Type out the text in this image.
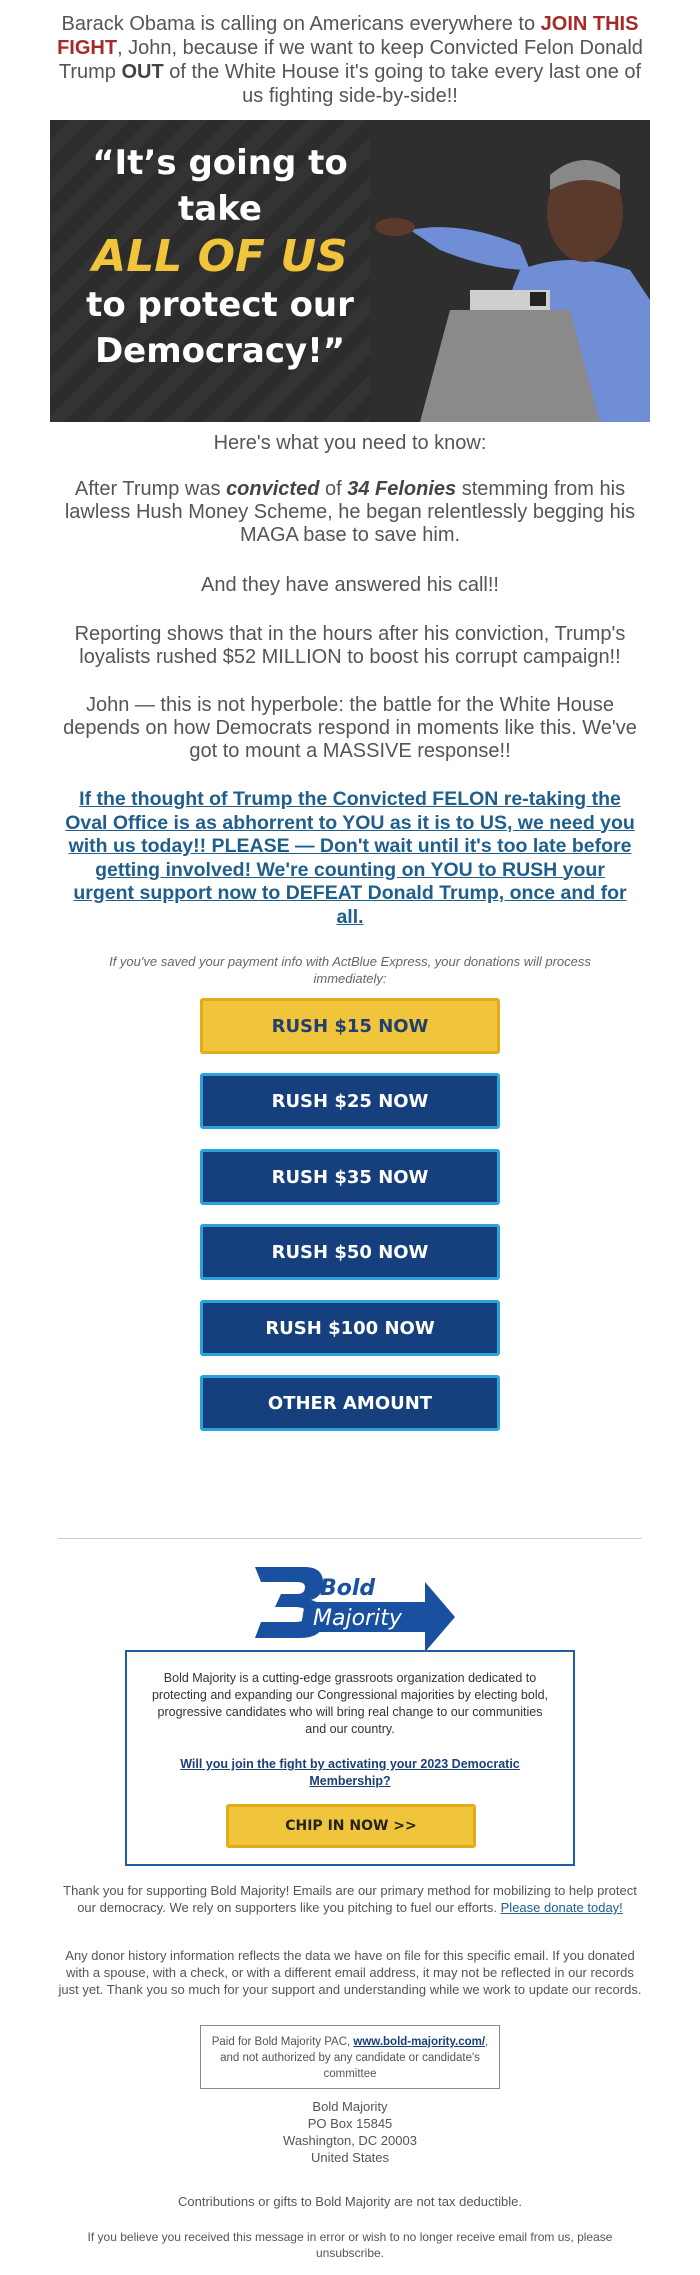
Barack Obama is calling on Americans everywhere to JOIN THIS FIGHT, John, because if we want to keep Convicted Felon Donald Trump OUT of the White House it's going to take every last one of us fighting side-by-side!!
“It’s going to
take
ALL OF US
to protect our
Democracy!”
Here's what you need to know:
After Trump was convicted of 34 Felonies stemming from his lawless Hush Money Scheme, he began relentlessly begging his MAGA base to save him.
And they have answered his call!!
Reporting shows that in the hours after his conviction, Trump's loyalists rushed $52 MILLION to boost his corrupt campaign!!
John — this is not hyperbole: the battle for the White House depends on how Democrats respond in moments like this. We've got to mount a MASSIVE response!!
If the thought of Trump the Convicted FELON re-taking the Oval Office is as abhorrent to YOU as it is to US, we need you with us today!! PLEASE — Don't wait until it's too late before getting involved! We're counting on YOU to RUSH your urgent support now to DEFEAT Donald Trump, once and for all.
If you've saved your payment info with ActBlue Express, your donations will process immediately:
RUSH $15 NOW
RUSH $25 NOW
RUSH $35 NOW
RUSH $50 NOW
RUSH $100 NOW
OTHER AMOUNT
Bold
Majority
Bold Majority is a cutting-edge grassroots organization dedicated to protecting and expanding our Congressional majorities by electing bold, progressive candidates who will bring real change to our communities and our country.
Will you join the fight by activating your 2023 Democratic Membership?
CHIP IN NOW >>
Thank you for supporting Bold Majority! Emails are our primary method for mobilizing to help protect our democracy. We rely on supporters like you pitching to fuel our efforts. Please donate today!
Any donor history information reflects the data we have on file for this specific email. If you donated with a spouse, with a check, or with a different email address, it may not be reflected in our records just yet. Thank you so much for your support and understanding while we work to update our records.
Paid for Bold Majority PAC, www.bold-majority.com/, and not authorized by any candidate or candidate's committee
Bold Majority
PO Box 15845
Washington, DC 20003
United States
Contributions or gifts to Bold Majority are not tax deductible.
If you believe you received this message in error or wish to no longer receive email from us, please unsubscribe.
